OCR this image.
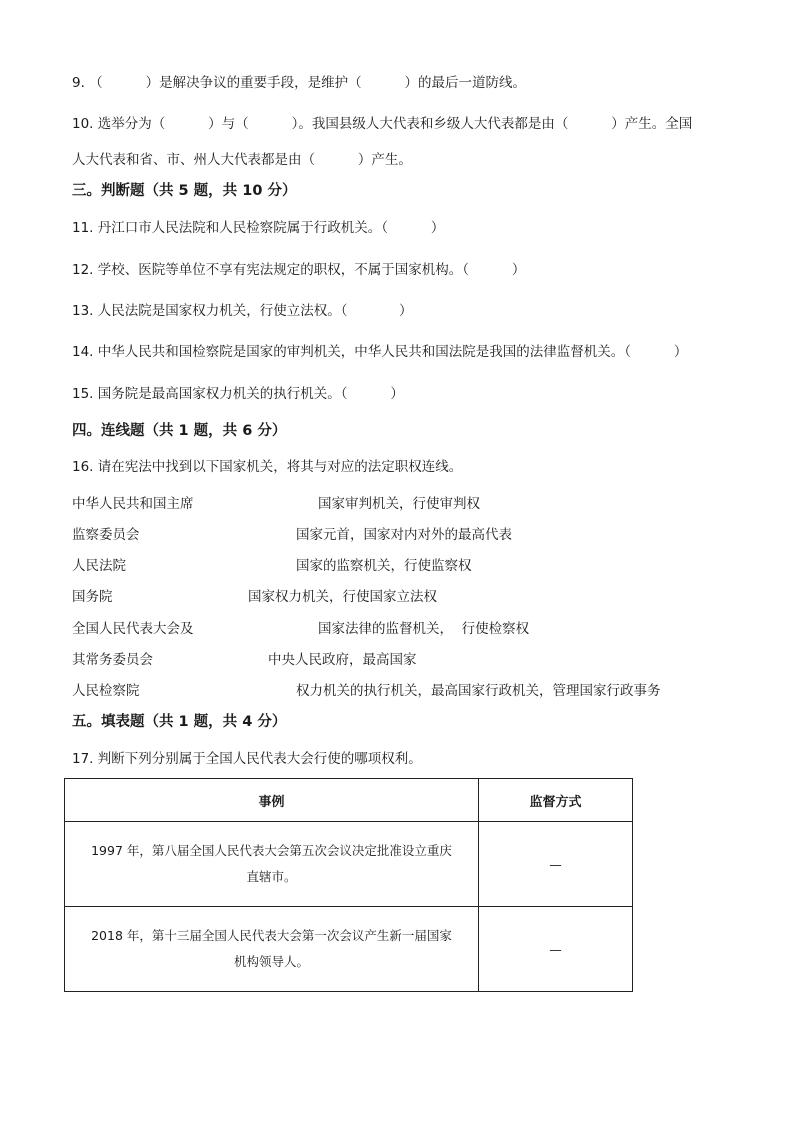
9. （          ）是解决争议的重要手段，是维护（          ）的最后一道防线。
10. 选举分为（          ）与（          ）。我国县级人大代表和乡级人大代表都是由（          ）产生。全国
人大代表和省、市、州人大代表都是由（          ）产生。
三。判断题（共 5 题，共 10 分）
11. 丹江口市人民法院和人民检察院属于行政机关。（          ）
12. 学校、医院等单位不享有宪法规定的职权，不属于国家机构。（          ）
13. 人民法院是国家权力机关，行使立法权。（            ）
14. 中华人民共和国检察院是国家的审判机关，中华人民共和国法院是我国的法律监督机关。（          ）
15. 国务院是最高国家权力机关的执行机关。（          ）
四。连线题（共 1 题，共 6 分）
16. 请在宪法中找到以下国家机关，将其与对应的法定职权连线。
中华人民共和国主席	国家审判机关，行使审判权
监察委员会	国家元首，国家对内对外的最高代表
人民法院	国家的监察机关，行使监察权
国务院	国家权力机关，行使国家立法权
全国人民代表大会及	国家法律的监督机关，  行使检察权
其常务委员会	中央人民政府，最高国家
人民检察院	权力机关的执行机关，最高国家行政机关，管理国家行政事务
五。填表题（共 1 题，共 4 分）
17. 判断下列分别属于全国人民代表大会行使的哪项权利。
事例	监督方式

1997 年，第八届全国人民代表大会第五次会议决定批准设立重庆
直辖市。	—

2018 年，第十三届全国人民代表大会第一次会议产生新一届国家
机构领导人。	—
